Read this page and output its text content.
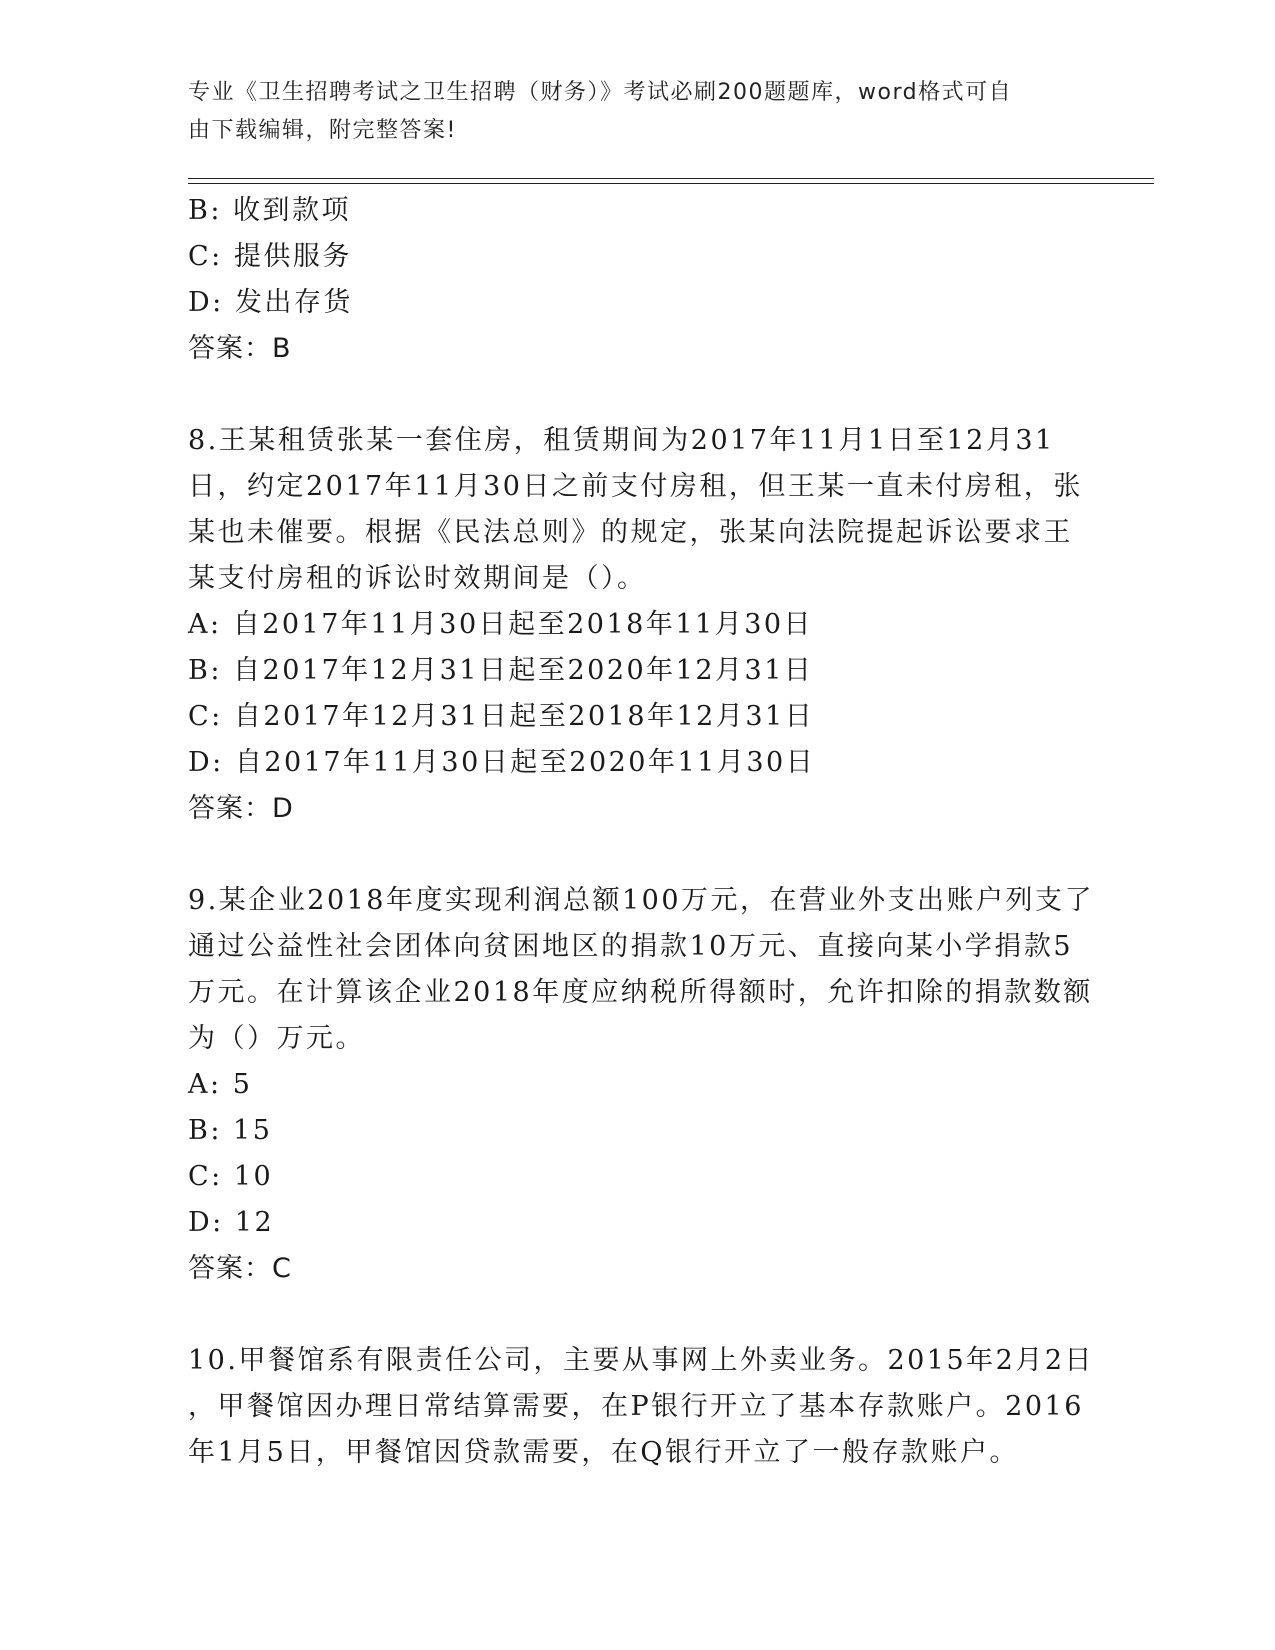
专业《卫生招聘考试之卫生招聘（财务）》考试必刷200题题库，word格式可自
由下载编辑，附完整答案!
B: 收到款项
C: 提供服务
D: 发出存货
答案：B
8.王某租赁张某一套住房，租赁期间为2017年11月1日至12月31
日，约定2017年11月30日之前支付房租，但王某一直未付房租，张
某也未催要。根据《民法总则》的规定，张某向法院提起诉讼要求王
某支付房租的诉讼时效期间是（）。
A: 自2017年11月30日起至2018年11月30日
B: 自2017年12月31日起至2020年12月31日
C: 自2017年12月31日起至2018年12月31日
D: 自2017年11月30日起至2020年11月30日
答案：D
9.某企业2018年度实现利润总额100万元，在营业外支出账户列支了
通过公益性社会团体向贫困地区的捐款10万元、直接向某小学捐款5
万元。在计算该企业2018年度应纳税所得额时，允许扣除的捐款数额
为（）万元。
A: 5
B: 15
C: 10
D: 12
答案：C
10.甲餐馆系有限责任公司，主要从事网上外卖业务。2015年2月2日
，甲餐馆因办理日常结算需要，在P银行开立了基本存款账户。2016
年1月5日，甲餐馆因贷款需要，在Q银行开立了一般存款账户。
